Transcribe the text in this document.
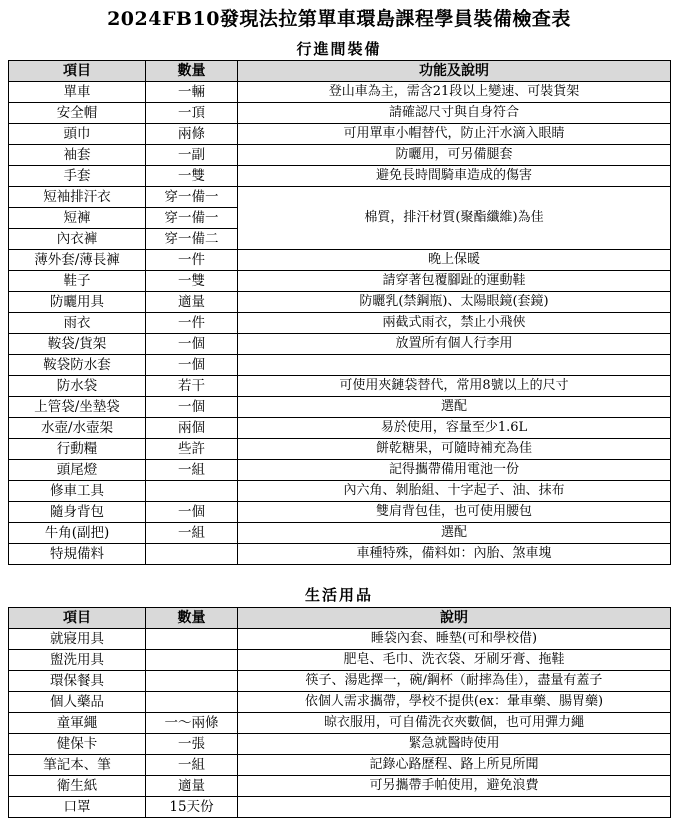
2024FB10發現法拉第單車環島課程學員裝備檢查表
行進間裝備
項目	數量	功能及說明
單車	一輛	登山車為主，需含21段以上變速、可裝貨架
安全帽	一頂	請確認尺寸與自身符合
頭巾	兩條	可用單車小帽替代，防止汗水滴入眼睛
袖套	一副	防曬用，可另備腿套
手套	一雙	避免長時間騎車造成的傷害
短袖排汗衣	穿一備一	棉質，排汗材質(聚酯纖維)為佳
短褲	穿一備一	
內衣褲	穿一備二	
薄外套/薄長褲	一件	晚上保暖
鞋子	一雙	請穿著包覆腳趾的運動鞋
防曬用具	適量	防曬乳(禁鋼瓶)、太陽眼鏡(套鏡)
雨衣	一件	兩截式雨衣，禁止小飛俠
鞍袋/貨架	一個	放置所有個人行李用
鞍袋防水套	一個	
防水袋	若干	可使用夾鏈袋替代，常用8號以上的尺寸
上管袋/坐墊袋	一個	選配
水壺/水壺架	兩個	易於使用，容量至少1.6L
行動糧	些許	餅乾糖果，可隨時補充為佳
頭尾燈	一組	記得攜帶備用電池一份
修車工具		內六角、剝胎組、十字起子、油、抹布
隨身背包	一個	雙肩背包佳，也可使用腰包
牛角(副把)	一組	選配
特規備料		車種特殊，備料如：內胎、煞車塊
生活用品
項目	數量	說明
就寢用具		睡袋內套、睡墊(可和學校借)
盥洗用具		肥皂、毛巾、洗衣袋、牙刷牙膏、拖鞋
環保餐具		筷子、湯匙擇一，碗/鋼杯（耐摔為佳），盡量有蓋子
個人藥品		依個人需求攜帶，學校不提供(ex：暈車藥、腸胃藥)
童軍繩	一～兩條	晾衣服用，可自備洗衣夾數個，也可用彈力繩
健保卡	一張	緊急就醫時使用
筆記本、筆	一組	記錄心路歷程、路上所見所聞
衛生紙	適量	可另攜帶手帕使用，避免浪費
口罩	15天份	
